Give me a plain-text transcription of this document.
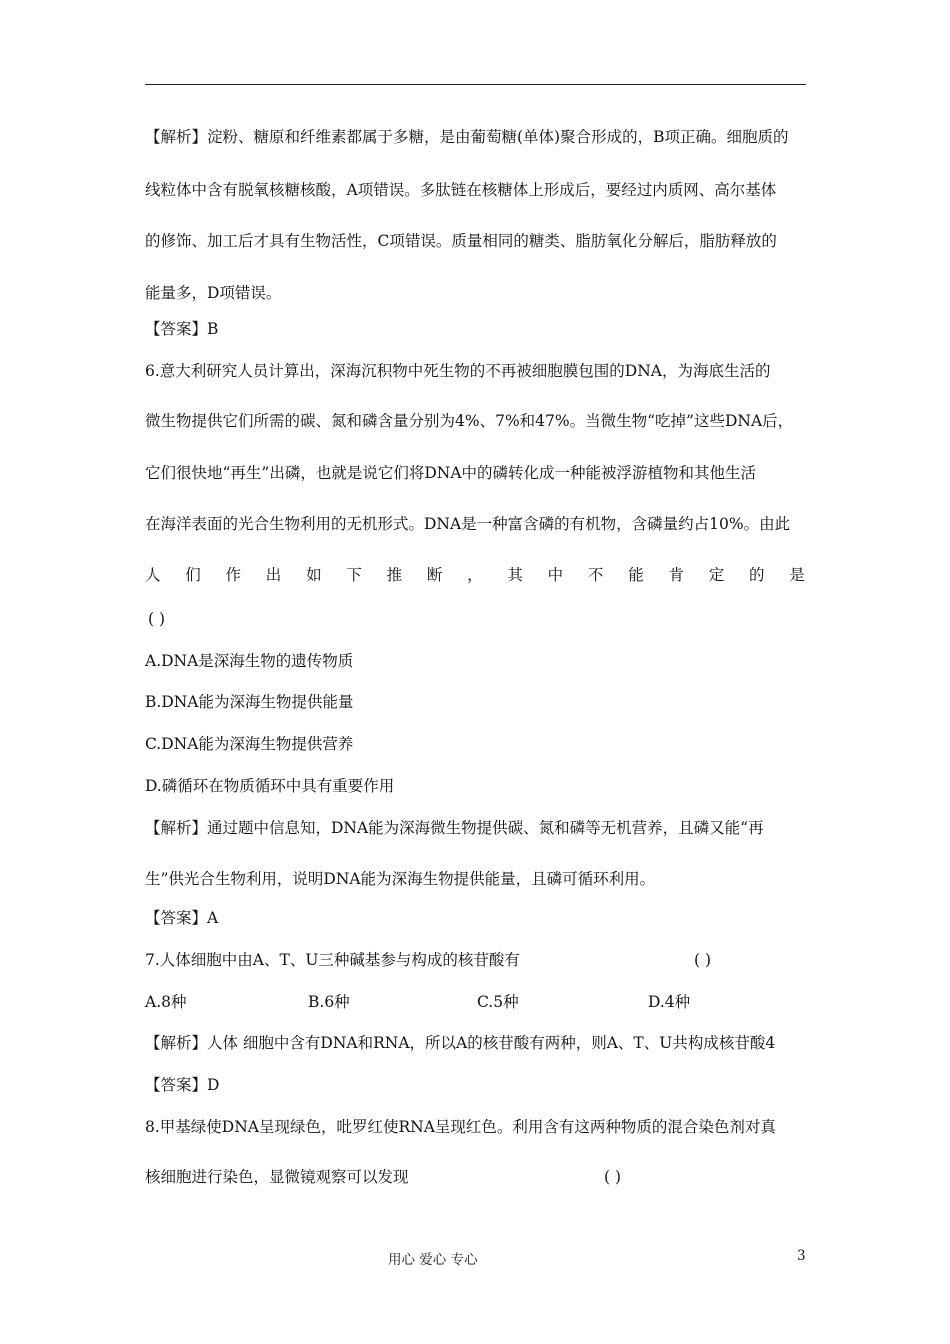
【解析】淀粉、糖原和纤维素都属于多糖，是由葡萄糖(单体)聚合形成的，B项正确。细胞质的
线粒体中含有脱氧核糖核酸，A项错误。多肽链在核糖体上形成后，要经过内质网、高尔基体
的修饰、加工后才具有生物活性，C项错误。质量相同的糖类、脂肪氧化分解后，脂肪释放的
能量多，D项错误。
【答案】B
6.意大利研究人员计算出，深海沉积物中死生物的不再被细胞膜包围的DNA，为海底生活的
微生物提供它们所需的碳、氮和磷含量分别为4%、7%和47%。当微生物“吃掉”这些DNA后，
它们很快地“再生”出磷，也就是说它们将DNA中的磷转化成一种能被浮游植物和其他生活
在海洋表面的光合生物利用的无机形式。DNA是一种富含磷的有机物，含磷量约占10%。由此
人 们 作 出 如 下 推 断 ， 其 中 不 能 肯 定 的 是
( )
A.DNA是深海生物的遗传物质
B.DNA能为深海生物提供能量
C.DNA能为深海生物提供营养
D.磷循环在物质循环中具有重要作用
【解析】通过题中信息知，DNA能为深海微生物提供碳、氮和磷等无机营养，且磷又能“再
生”供光合生物利用，说明DNA能为深海生物提供能量，且磷可循环利用。
【答案】A
7.人体细胞中由A、T、U三种碱基参与构成的核苷酸有	( )
A.8种	B.6种	C.5种	D.4种
【解析】人体 细胞中含有DNA和RNA，所以A的核苷酸有两种，则A、T、U共构成核苷酸4
【答案】D
8.甲基绿使DNA呈现绿色，吡罗红使RNA呈现红色。利用含有这两种物质的混合染色剂对真
核细胞进行染色，显微镜观察可以发现	( )
用心 爱心 专心	3
